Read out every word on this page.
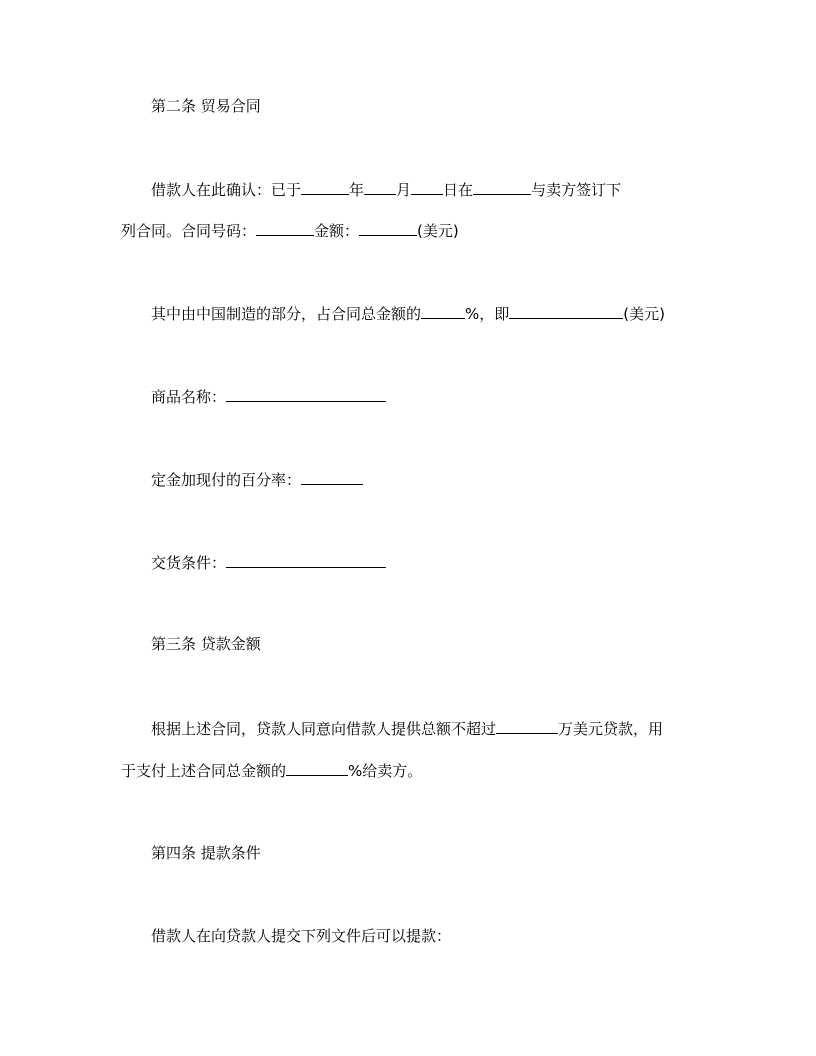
第二条 贸易合同
借款人在此确认：已于	年 月 日在	与卖方签订下
列合同。合同号码：	金额：	(美元)
其中由中国制造的部分，占合同总金额的	%，即	(美元)
商品名称：
定金加现付的百分率：
交货条件：
第三条 贷款金额
根据上述合同，贷款人同意向借款人提供总额不超过	万美元贷款，用
于支付上述合同总金额的	%给卖方。
第四条 提款条件
借款人在向贷款人提交下列文件后可以提款：
